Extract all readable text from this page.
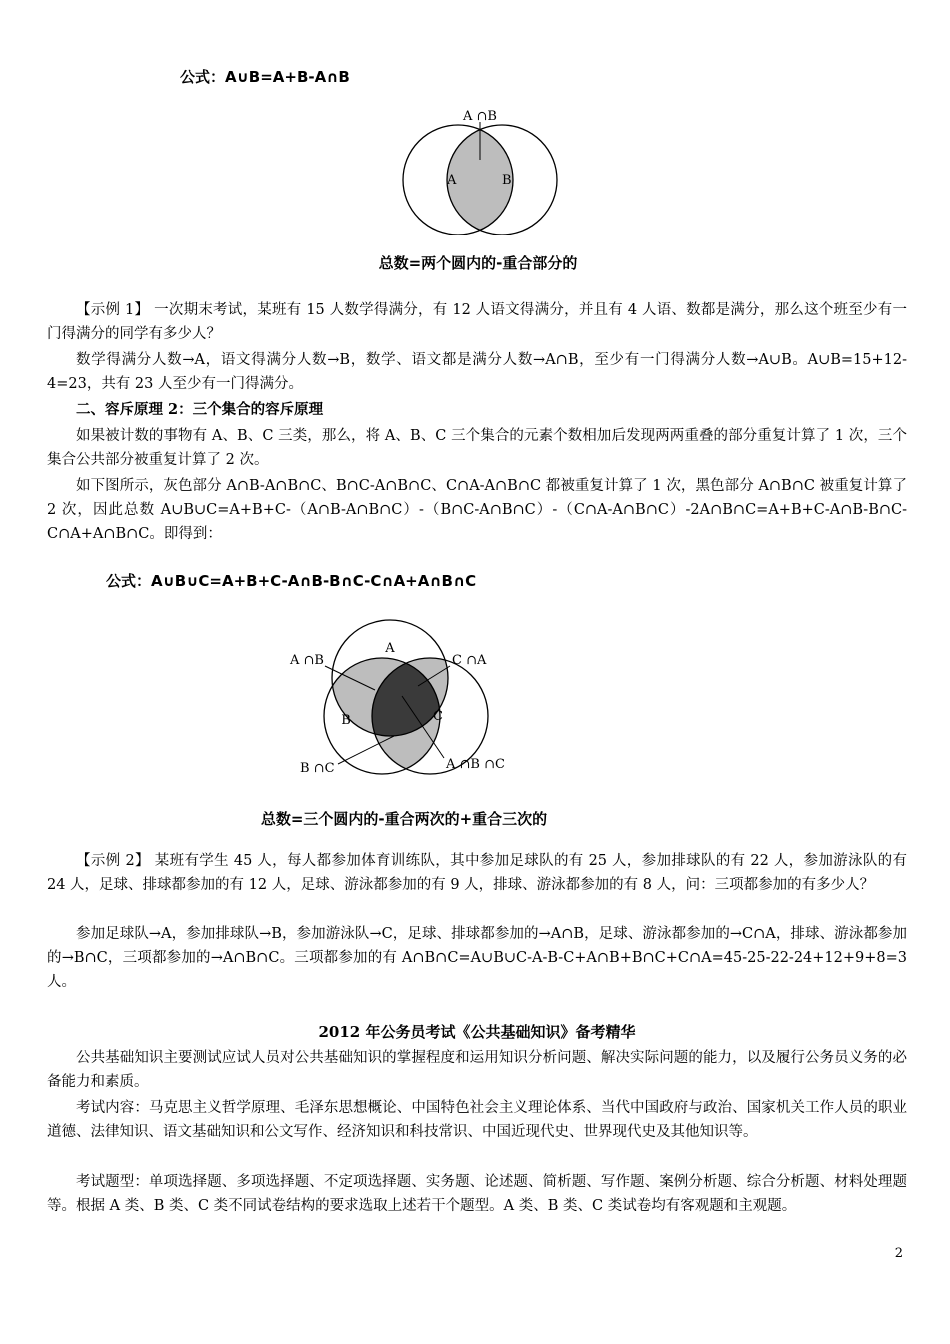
公式：A∪B=A+B-A∩B
A ∩B
A	B
总数=两个圆内的-重合部分的
【示例 1】 一次期末考试，某班有 15 人数学得满分，有 12 人语文得满分，并且有 4 人语、数都是满分，那么这个班至少有一门得满分的同学有多少人？
数学得满分人数→A，语文得满分人数→B，数学、语文都是满分人数→A∩B，至少有一门得满分人数→A∪B。A∪B=15+12-4=23，共有 23 人至少有一门得满分。
二、容斥原理 2：三个集合的容斥原理
如果被计数的事物有 A、B、C 三类，那么，将 A、B、C 三个集合的元素个数相加后发现两两重叠的部分重复计算了 1 次，三个集合公共部分被重复计算了 2 次。
如下图所示，灰色部分 A∩B-A∩B∩C、B∩C-A∩B∩C、C∩A-A∩B∩C 都被重复计算了 1 次，黑色部分 A∩B∩C 被重复计算了 2 次，因此总数 A∪B∪C=A+B+C-（A∩B-A∩B∩C）-（B∩C-A∩B∩C）-（C∩A-A∩B∩C）-2A∩B∩C=A+B+C-A∩B-B∩C-C∩A+A∩B∩C。即得到：
公式：A∪B∪C=A+B+C-A∩B-B∩C-C∩A+A∩B∩C
A
B	C
A ∩B	C ∩A
B ∩C	A ∩B ∩C
总数=三个圆内的-重合两次的+重合三次的
【示例 2】 某班有学生 45 人，每人都参加体育训练队，其中参加足球队的有 25 人，参加排球队的有 22 人，参加游泳队的有 24 人，足球、排球都参加的有 12 人，足球、游泳都参加的有 9 人，排球、游泳都参加的有 8 人，问：三项都参加的有多少人？
参加足球队→A，参加排球队→B，参加游泳队→C，足球、排球都参加的→A∩B，足球、游泳都参加的→C∩A，排球、游泳都参加的→B∩C，三项都参加的→A∩B∩C。三项都参加的有 A∩B∩C=A∪B∪C-A-B-C+A∩B+B∩C+C∩A=45-25-22-24+12+9+8=3 人。
2012 年公务员考试《公共基础知识》备考精华
公共基础知识主要测试应试人员对公共基础知识的掌握程度和运用知识分析问题、解决实际问题的能力，以及履行公务员义务的必备能力和素质。
考试内容：马克思主义哲学原理、毛泽东思想概论、中国特色社会主义理论体系、当代中国政府与政治、国家机关工作人员的职业道德、法律知识、语文基础知识和公文写作、经济知识和科技常识、中国近现代史、世界现代史及其他知识等。
考试题型：单项选择题、多项选择题、不定项选择题、实务题、论述题、简析题、写作题、案例分析题、综合分析题、材料处理题等。根据 A 类、B 类、C 类不同试卷结构的要求选取上述若干个题型。A 类、B 类、C 类试卷均有客观题和主观题。
2
